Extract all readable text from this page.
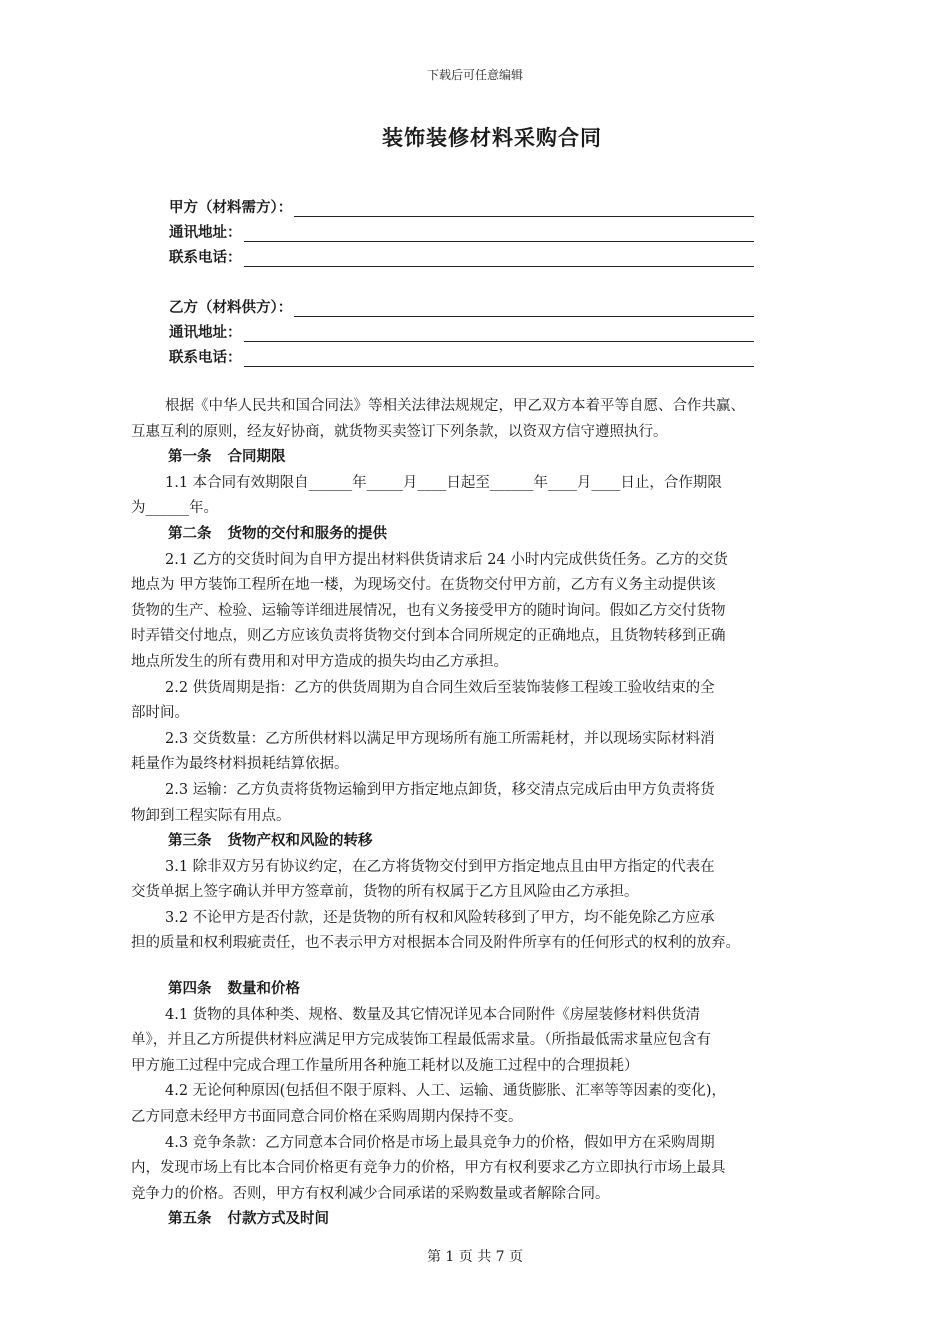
下载后可任意编辑
装饰装修材料采购合同
甲方（材料需方）：
通讯地址：
联系电话：
乙方（材料供方）：
通讯地址：
联系电话：

根据《中华人民共和国合同法》等相关法律法规规定，甲乙双方本着平等自愿、合作共赢、
互惠互利的原则，经友好协商，就货物买卖签订下列条款，以资双方信守遵照执行。

第一条 合同期限

1.1 本合同有效期限自______年_____月____日起至______年____月____日止，合作期限
为______年。

第二条 货物的交付和服务的提供

2.1 乙方的交货时间为自甲方提出材料供货请求后 24 小时内完成供货任务。乙方的交货
地点为 甲方装饰工程所在地一楼，为现场交付。在货物交付甲方前，乙方有义务主动提供该
货物的生产、检验、运输等详细进展情况，也有义务接受甲方的随时询问。假如乙方交付货物
时弄错交付地点，则乙方应该负责将货物交付到本合同所规定的正确地点，且货物转移到正确
地点所发生的所有费用和对甲方造成的损失均由乙方承担。

2.2 供货周期是指：乙方的供货周期为自合同生效后至装饰装修工程竣工验收结束的全
部时间。

2.3 交货数量：乙方所供材料以满足甲方现场所有施工所需耗材，并以现场实际材料消
耗量作为最终材料损耗结算依据。

2.3 运输：乙方负责将货物运输到甲方指定地点卸货，移交清点完成后由甲方负责将货
物卸到工程实际有用点。

第三条 货物产权和风险的转移

3.1 除非双方另有协议约定，在乙方将货物交付到甲方指定地点且由甲方指定的代表在
交货单据上签字确认并甲方签章前，货物的所有权属于乙方且风险由乙方承担。

3.2 不论甲方是否付款，还是货物的所有权和风险转移到了甲方，均不能免除乙方应承
担的质量和权利瑕疵责任，也不表示甲方对根据本合同及附件所享有的任何形式的权利的放弃。

第四条 数量和价格

4.1 货物的具体种类、规格、数量及其它情况详见本合同附件《房屋装修材料供货清
单》，并且乙方所提供材料应满足甲方完成装饰工程最低需求量。（所指最低需求量应包含有
甲方施工过程中完成合理工作量所用各种施工耗材以及施工过程中的合理损耗）

4.2 无论何种原因(包括但不限于原料、人工、运输、通货膨胀、汇率等等因素的变化)，
乙方同意未经甲方书面同意合同价格在采购周期内保持不变。

4.3 竞争条款：乙方同意本合同价格是市场上最具竞争力的价格，假如甲方在采购周期
内，发现市场上有比本合同价格更有竞争力的价格，甲方有权利要求乙方立即执行市场上最具
竞争力的价格。否则，甲方有权利减少合同承诺的采购数量或者解除合同。

第五条 付款方式及时间

第 1 页 共 7 页
